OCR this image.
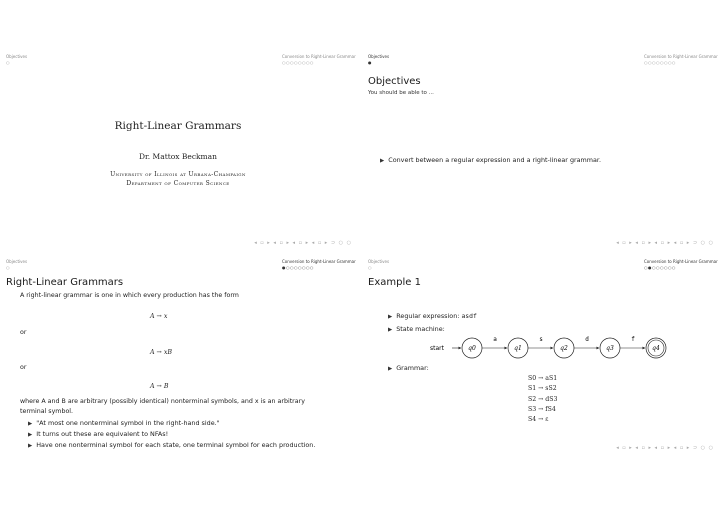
Objectives	Conversion to Right-Linear Grammar
○	○○○○○○○○
Right-Linear Grammars
Dr. Mattox Beckman
University of Illinois at Urbana-Champaign
Department of Computer Science
◂ ▫ ▸ ◂ ▫ ▸ ◂ ▫ ▸ ◂ ▫ ▸ ⊃ ○ ○
Objectives	Conversion to Right-Linear Grammar
●	○○○○○○○○
Objectives
You should be able to ...
▶ Convert between a regular expression and a right-linear grammar.
◂ ▫ ▸ ◂ ▫ ▸ ◂ ▫ ▸ ◂ ▫ ▸ ⊃ ○ ○
Objectives	Conversion to Right-Linear Grammar
○	●○○○○○○○
Right-Linear Grammars
A right-linear grammar is one in which every production has the form
A → x
or
A → xB
or
A → B
where A and B are arbitrary (possibly identical) nonterminal symbols, and x is an arbitrary
terminal symbol.
▶ "At most one nonterminal symbol in the right-hand side."
▶ It turns out these are equivalent to NFAs!
▶ Have one nonterminal symbol for each state, one terminal symbol for each production.
Objectives	Conversion to Right-Linear Grammar
○	○●○○○○○○
Example 1
▶ Regular expression: asdf
▶ State machine:
start	q0	q1	q2	q3	q4
a	s	d	f
▶ Grammar:
S0 → aS1
S1 → sS2
S2 → dS3
S3 → fS4
S4 → ε
◂ ▫ ▸ ◂ ▫ ▸ ◂ ▫ ▸ ◂ ▫ ▸ ⊃ ○ ○
